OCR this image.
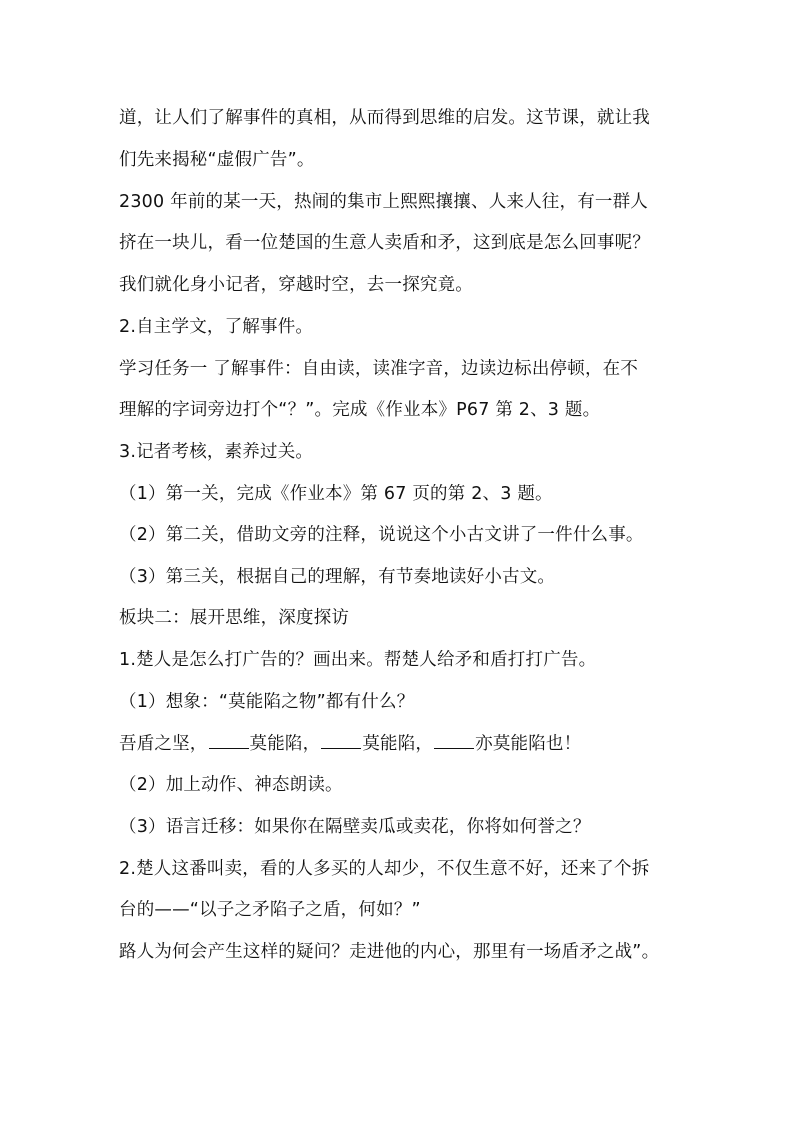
道，让人们了解事件的真相，从而得到思维的启发。这节课，就让我
们先来揭秘“虚假广告”。
2300 年前的某一天，热闹的集市上熙熙攘攘、人来人往，有一群人
挤在一块儿，看一位楚国的生意人卖盾和矛，这到底是怎么回事呢？
我们就化身小记者，穿越时空，去一探究竟。
2.自主学文，了解事件。
学习任务一 了解事件：自由读，读准字音，边读边标出停顿，在不
理解的字词旁边打个“？”。完成《作业本》P67 第 2、3 题。
3.记者考核，素养过关。
（1）第一关，完成《作业本》第 67 页的第 2、3 题。
（2）第二关，借助文旁的注释，说说这个小古文讲了一件什么事。
（3）第三关，根据自己的理解，有节奏地读好小古文。
板块二：展开思维，深度探访
1.楚人是怎么打广告的？画出来。帮楚人给矛和盾打打广告。
（1）想象：“莫能陷之物”都有什么？
吾盾之坚， 莫能陷， 莫能陷， 亦莫能陷也！
（2）加上动作、神态朗读。
（3）语言迁移：如果你在隔壁卖瓜或卖花，你将如何誉之？
2.楚人这番叫卖，看的人多买的人却少，不仅生意不好，还来了个拆
台的——“以子之矛陷子之盾，何如？”
路人为何会产生这样的疑问？走进他的内心，那里有一场盾矛之战”。
